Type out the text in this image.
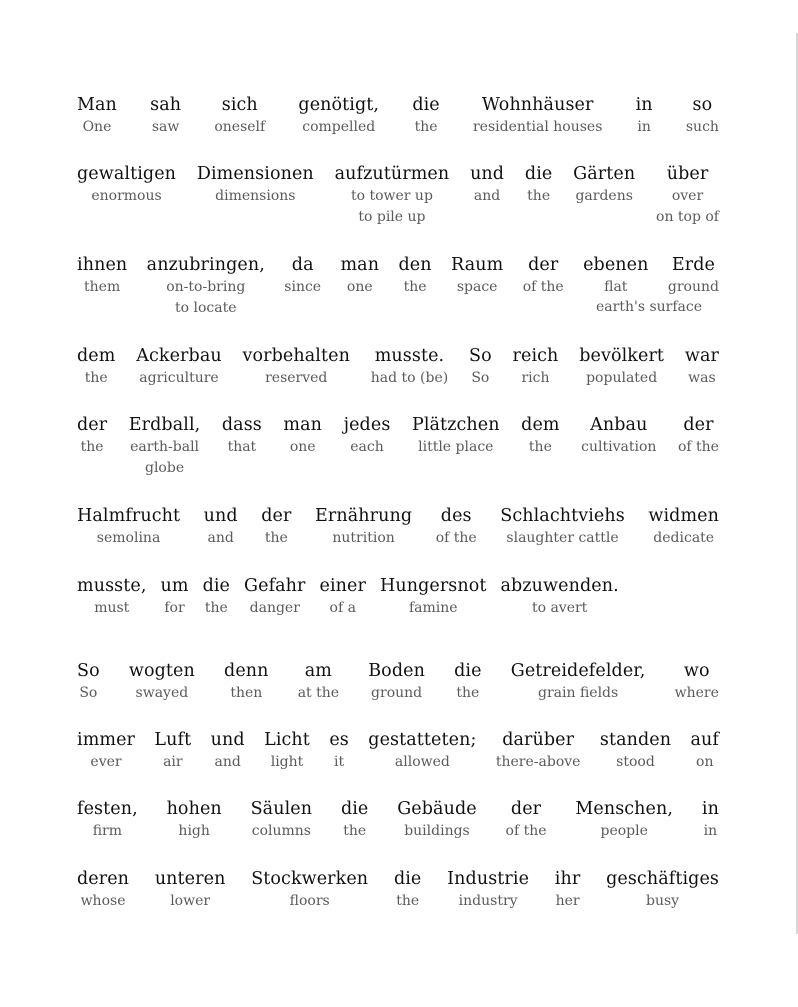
Man
One
sah
saw
sich
oneself
genötigt,
compelled
die
the
Wohnhäuser
residential houses
in
in
so
such
gewaltigen
enormous
Dimensionen
dimensions
aufzutürmen
to tower up
to pile up
und
and
die
the
Gärten
gardens
über
over
on top of
ihnen
them
anzubringen,
on-to-bring
to locate
da
since
man
one
den
the
Raum
space
der
of the
ebenen
flat
Erde
ground
earth's surface
dem
the
Ackerbau
agriculture
vorbehalten
reserved
musste.
had to (be)
So
So
reich
rich
bevölkert
populated
war
was
der
the
Erdball,
earth-ball
globe
dass
that
man
one
jedes
each
Plätzchen
little place
dem
the
Anbau
cultivation
der
of the
Halmfrucht
semolina
und
and
der
the
Ernährung
nutrition
des
of the
Schlachtviehs
slaughter cattle
widmen
dedicate
musste,
must
um
for
die
the
Gefahr
danger
einer
of a
Hungersnot
famine
abzuwenden.
to avert
So
So
wogten
swayed
denn
then
am
at the
Boden
ground
die
the
Getreidefelder,
grain fields
wo
where
immer
ever
Luft
air
und
and
Licht
light
es
it
gestatteten;
allowed
darüber
there-above
standen
stood
auf
on
festen,
firm
hohen
high
Säulen
columns
die
the
Gebäude
buildings
der
of the
Menschen,
people
in
in
deren
whose
unteren
lower
Stockwerken
floors
die
the
Industrie
industry
ihr
her
geschäftiges
busy
